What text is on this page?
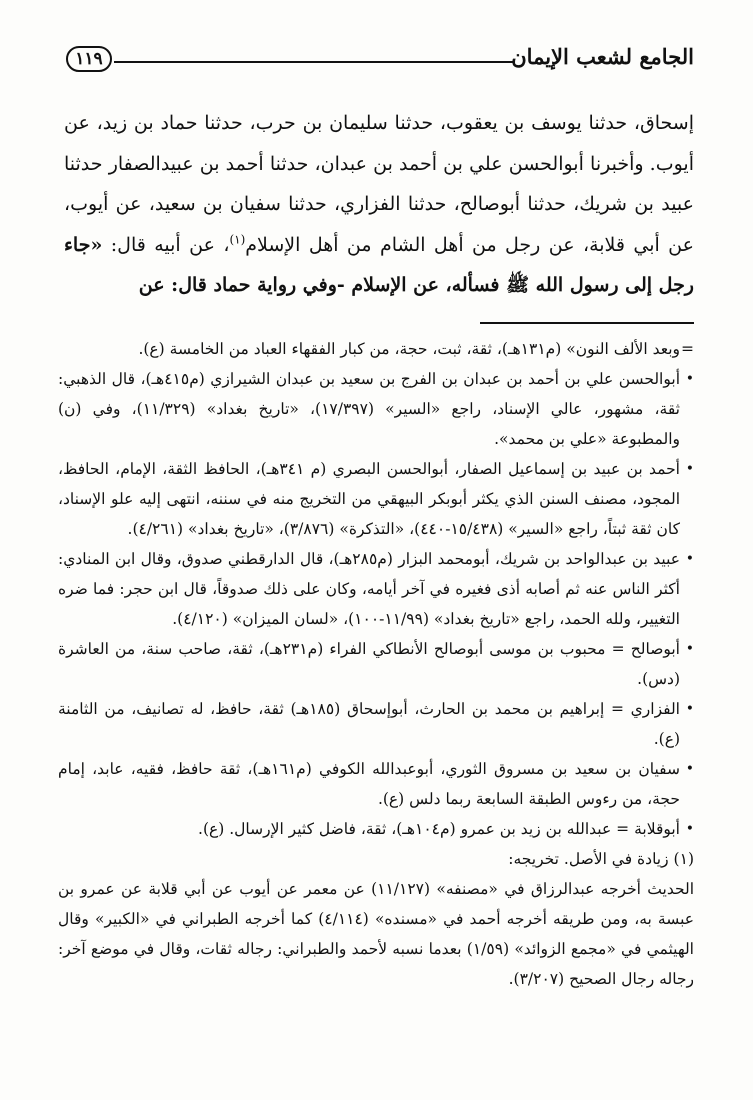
١١٩	الجامع لشعب الإيمان

إسحاق، حدثنا يوسف بن يعقوب، حدثنا سليمان بن حرب، حدثنا حماد بن زيد، عن أيوب. وأخبرنا أبوالحسن علي بن أحمد بن عبدان، حدثنا أحمد بن عبيدالصفار حدثنا عبيد بن شريك، حدثنا أبوصالح، حدثنا الفزاري، حدثنا سفيان بن سعيد، عن أيوب، عن أبي قلابة، عن رجل من أهل الشام من أهل الإسلام$^{(١)}$، عن أبيه قال: «جاء رجل إلى رسول الله ﷺ فسأله، عن الإسلام -وفي رواية حماد قال: عن

=
وبعد الألف النون» (م١٣١هـ)، ثقة، ثبت، حجة، من كبار الفقهاء العباد من الخامسة (ع).

•
أبوالحسن علي بن أحمد بن عبدان بن الفرج بن سعيد بن عبدان الشيرازي (م٤١٥هـ)، قال الذهبي: ثقة، مشهور، عالي الإسناد، راجع «السير» (١٧/٣٩٧)، «تاريخ بغداد» (١١/٣٢٩)، وفي (ن) والمطبوعة «علي بن محمد».

•
أحمد بن عبيد بن إسماعيل الصفار، أبوالحسن البصري (م ٣٤١هـ)، الحافظ الثقة، الإمام، الحافظ، المجود، مصنف السنن الذي يكثر أبوبكر البيهقي من التخريج منه في سننه، انتهى إليه علو الإسناد، كان ثقة ثبتاً، راجع «السير» (١٥/٤٣٨-٤٤٠)، «التذكرة» (٣/٨٧٦)، «تاريخ بغداد» (٤/٢٦١).

•
عبيد بن عبدالواحد بن شريك، أبومحمد البزار (م٢٨٥هـ)، قال الدارقطني صدوق، وقال ابن المنادي: أكثر الناس عنه ثم أصابه أذى فغيره في آخر أيامه، وكان على ذلك صدوقاً، قال ابن حجر: فما ضره التغيير، ولله الحمد، راجع «تاريخ بغداد» (١١/٩٩-١٠٠)، «لسان الميزان» (٤/١٢٠).

•
أبوصالح = محبوب بن موسى أبوصالح الأنطاكي الفراء (م٢٣١هـ)، ثقة، صاحب سنة، من العاشرة (دس).

•
الفزاري = إبراهيم بن محمد بن الحارث، أبوإسحاق (١٨٥هـ) ثقة، حافظ، له تصانيف، من الثامنة (ع).

•
سفيان بن سعيد بن مسروق الثوري، أبوعبدالله الكوفي (م١٦١هـ)، ثقة حافظ، فقيه، عابد، إمام حجة، من رءوس الطبقة السابعة ربما دلس (ع).

•
أبوقلابة = عبدالله بن زيد بن عمرو (م١٠٤هـ)، ثقة، فاضل كثير الإرسال. (ع).

(١) زيادة في الأصل. تخريجه:

الحديث أخرجه عبدالرزاق في «مصنفه» (١١/١٢٧) عن معمر عن أيوب عن أبي قلابة عن عمرو بن عبسة به، ومن طريقه أخرجه أحمد في «مسنده» (٤/١١٤) كما أخرجه الطبراني في «الكبير» وقال الهيثمي في «مجمع الزوائد» (١/٥٩) بعدما نسبه لأحمد والطبراني: رجاله ثقات، وقال في موضع آخر: رجاله رجال الصحيح (٣/٢٠٧).
